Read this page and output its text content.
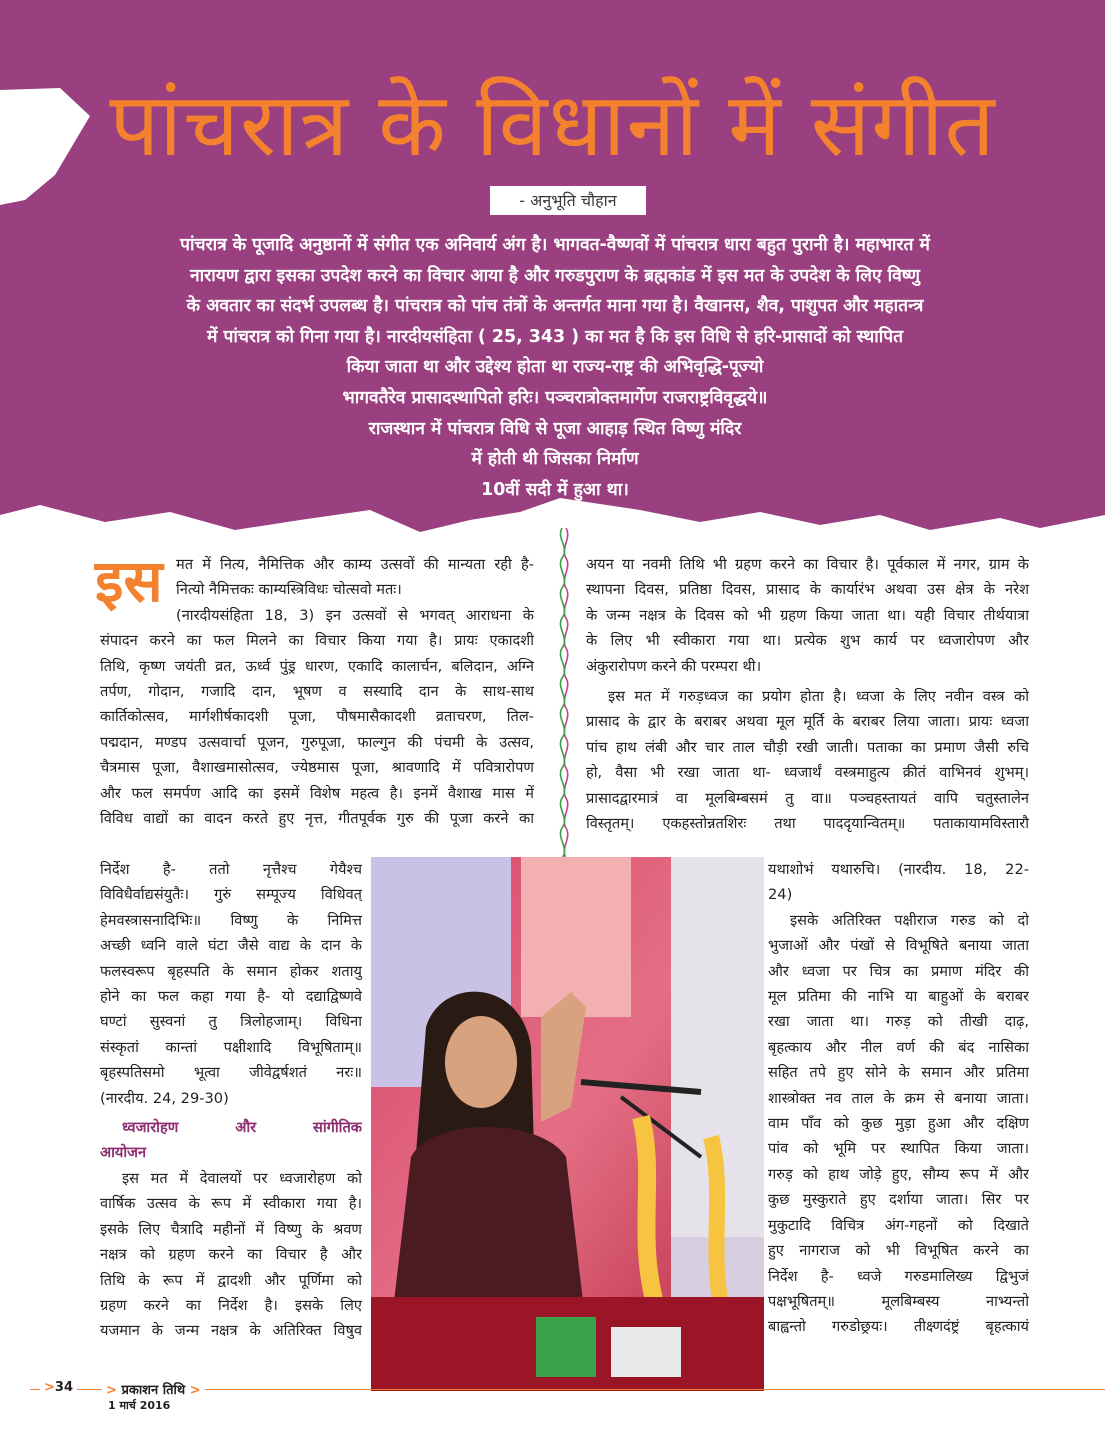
पांचरात्र के विधानों में संगीत
- अनुभूति चौहान

पांचरात्र के पूजादि अनुष्ठानों में संगीत एक अनिवार्य अंग है। भागवत-वैष्णवों में पांचरात्र धारा बहुत पुरानी है। महाभारत में

नारायण द्वारा इसका उपदेश करने का विचार आया है और गरुडपुराण के ब्रह्मकांड में इस मत के उपदेश के लिए विष्णु

के अवतार का संदर्भ उपलब्ध है। पांचरात्र को पांच तंत्रों के अन्तर्गत माना गया है। वैखानस, शैव, पाशुपत और महातन्त्र

में पांचरात्र को गिना गया है। नारदीयसंहिता ( 25, 343 ) का मत है कि इस विधि से हरि-प्रासादों को स्थापित

किया जाता था और उद्देश्य होता था राज्य-राष्ट्र की अभिवृद्धि-पूज्यो

भागवतैरेव प्रासादस्थापितो हरिः। पञ्चरात्रोक्तमार्गेण राजराष्ट्रविवृद्धये॥

राजस्थान में पांचरात्र विधि से पूजा आहाड़ स्थित विष्णु मंदिर

में होती थी जिसका निर्माण

10वीं सदी में हुआ था।

इस मत में नित्य, नैमित्तिक और काम्य उत्सवों की मान्यता रही है-
नित्यो नैमित्तकः काम्यस्त्रिविधः चोत्सवो मतः।
(नारदीयसंहिता 18, 3) इन उत्सवों से भगवत् आराधना के
संपादन करने का फल मिलने का विचार किया गया है। प्रायः एकादशी
तिथि, कृष्ण जयंती व्रत, ऊर्ध्व पुंड्र धारण, एकादि कालार्चन, बलिदान, अग्नि
तर्पण, गोदान, गजादि दान, भूषण व सस्यादि दान के साथ-साथ
कार्तिकोत्सव, मार्गशीर्षकादशी पूजा, पौषमासैकादशी व्रताचरण, तिल-
पद्मदान, मण्डप उत्सवार्चा पूजन, गुरुपूजा, फाल्गुन की पंचमी के उत्सव,
चैत्रमास पूजा, वैशाखमासोत्सव, ज्येष्ठमास पूजा, श्रावणादि में पवित्रारोपण
और फल समर्पण आदि का इसमें विशेष महत्व है। इनमें वैशाख मास में
विविध वाद्यों का वादन करते हुए नृत्त, गीतपूर्वक गुरु की पूजा करने का
निर्देश है- ततो नृत्तैश्च गेयैश्च
विविधैर्वाद्यसंयुतैः। गुरुं सम्पूज्य विधिवत्
हेमवस्त्रासनादिभिः॥ विष्णु के निमित्त
अच्छी ध्वनि वाले घंटा जैसे वाद्य के दान के
फलस्वरूप बृहस्पति के समान होकर शतायु
होने का फल कहा गया है- यो दद्याद्विष्णवे
घण्टां सुस्वनां तु त्रिलोहजाम्। विधिना
संस्कृतां कान्तां पक्षीशादि विभूषिताम्॥
बृहस्पतिसमो भूत्वा जीवेद्वर्षशतं नरः॥
(नारदीय. 24, 29-30)
ध्वजारोहण और सांगीतिक
आयोजन
इस मत में देवालयों पर ध्वजारोहण को
वार्षिक उत्सव के रूप में स्वीकारा गया है।
इसके लिए चैत्रादि महीनों में विष्णु के श्रवण
नक्षत्र को ग्रहण करने का विचार है और
तिथि के रूप में द्वादशी और पूर्णिमा को
ग्रहण करने का निर्देश है। इसके लिए
यजमान के जन्म नक्षत्र के अतिरिक्त विषुव
अयन या नवमी तिथि भी ग्रहण करने का विचार है। पूर्वकाल में नगर, ग्राम के
स्थापना दिवस, प्रतिष्ठा दिवस, प्रासाद के कार्यारंभ अथवा उस क्षेत्र के नरेश
के जन्म नक्षत्र के दिवस को भी ग्रहण किया जाता था। यही विचार तीर्थयात्रा
के लिए भी स्वीकारा गया था। प्रत्येक शुभ कार्य पर ध्वजारोपण और
अंकुरारोपण करने की परम्परा थी।
इस मत में गरुड़ध्वज का प्रयोग होता है। ध्वजा के लिए नवीन वस्त्र को
प्रासाद के द्वार के बराबर अथवा मूल मूर्ति के बराबर लिया जाता। प्रायः ध्वजा
पांच हाथ लंबी और चार ताल चौड़ी रखी जाती। पताका का प्रमाण जैसी रुचि
हो, वैसा भी रखा जाता था- ध्वजार्थं वस्त्रमाहुत्य क्रीतं वाभिनवं शुभम्।
प्रासादद्वारमात्रं वा मूलबिम्बसमं तु वा॥ पञ्चहस्तायतं वापि चतुस्तालेन
विस्तृतम्। एकहस्तोन्नतशिरः तथा पाददृयान्वितम्॥ पताकायामविस्तारौ
यथाशोभं यथारुचि। (नारदीय. 18, 22-
24)
इसके अतिरिक्त पक्षीराज गरुड को दो
भुजाओं और पंखों से विभूषिते बनाया जाता
और ध्वजा पर चित्र का प्रमाण मंदिर की
मूल प्रतिमा की नाभि या बाहुओं के बराबर
रखा जाता था। गरुड़ को तीखी दाढ़,
बृहत्काय और नील वर्ण की बंद नासिका
सहित तपे हुए सोने के समान और प्रतिमा
शास्त्रोक्त नव ताल के क्रम से बनाया जाता।
वाम पाँव को कुछ मुड़ा हुआ और दक्षिण
पांव को भूमि पर स्थापित किया जाता।
गरुड़ को हाथ जोड़े हुए, सौम्य रूप में और
कुछ मुस्कुराते हुए दर्शाया जाता। सिर पर
मुकुटादि विचित्र अंग-गहनों को दिखाते
हुए नागराज को भी विभूषित करने का
निर्देश है- ध्वजे गरुडमालिख्य द्विभुजं
पक्षभूषितम्॥ मूलबिम्बस्य नाभ्यन्तो
बाह्वन्तो गरुडोछ्रयः। तीक्ष्णदंष्ट्रं बृहत्कायं
>34	> प्रकाशन तिथि >
1 मार्च 2016
